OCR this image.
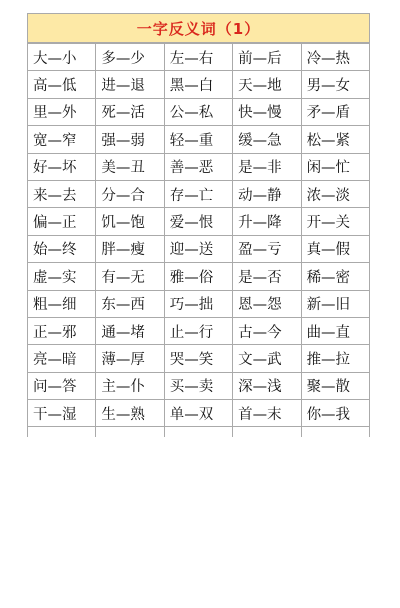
一字反义词（1）
大—小	多—少	左—右	前—后	冷—热
高—低	进—退	黑—白	天—地	男—女
里—外	死—活	公—私	快—慢	矛—盾
宽—窄	强—弱	轻—重	缓—急	松—紧
好—坏	美—丑	善—恶	是—非	闲—忙
来—去	分—合	存—亡	动—静	浓—淡
偏—正	饥—饱	爱—恨	升—降	开—关
始—终	胖—瘦	迎—送	盈—亏	真—假
虚—实	有—无	雅—俗	是—否	稀—密
粗—细	东—西	巧—拙	恩—怨	新—旧
正—邪	通—堵	止—行	古—今	曲—直
亮—暗	薄—厚	哭—笑	文—武	推—拉
问—答	主—仆	买—卖	深—浅	聚—散
干—湿	生—熟	单—双	首—末	你—我
